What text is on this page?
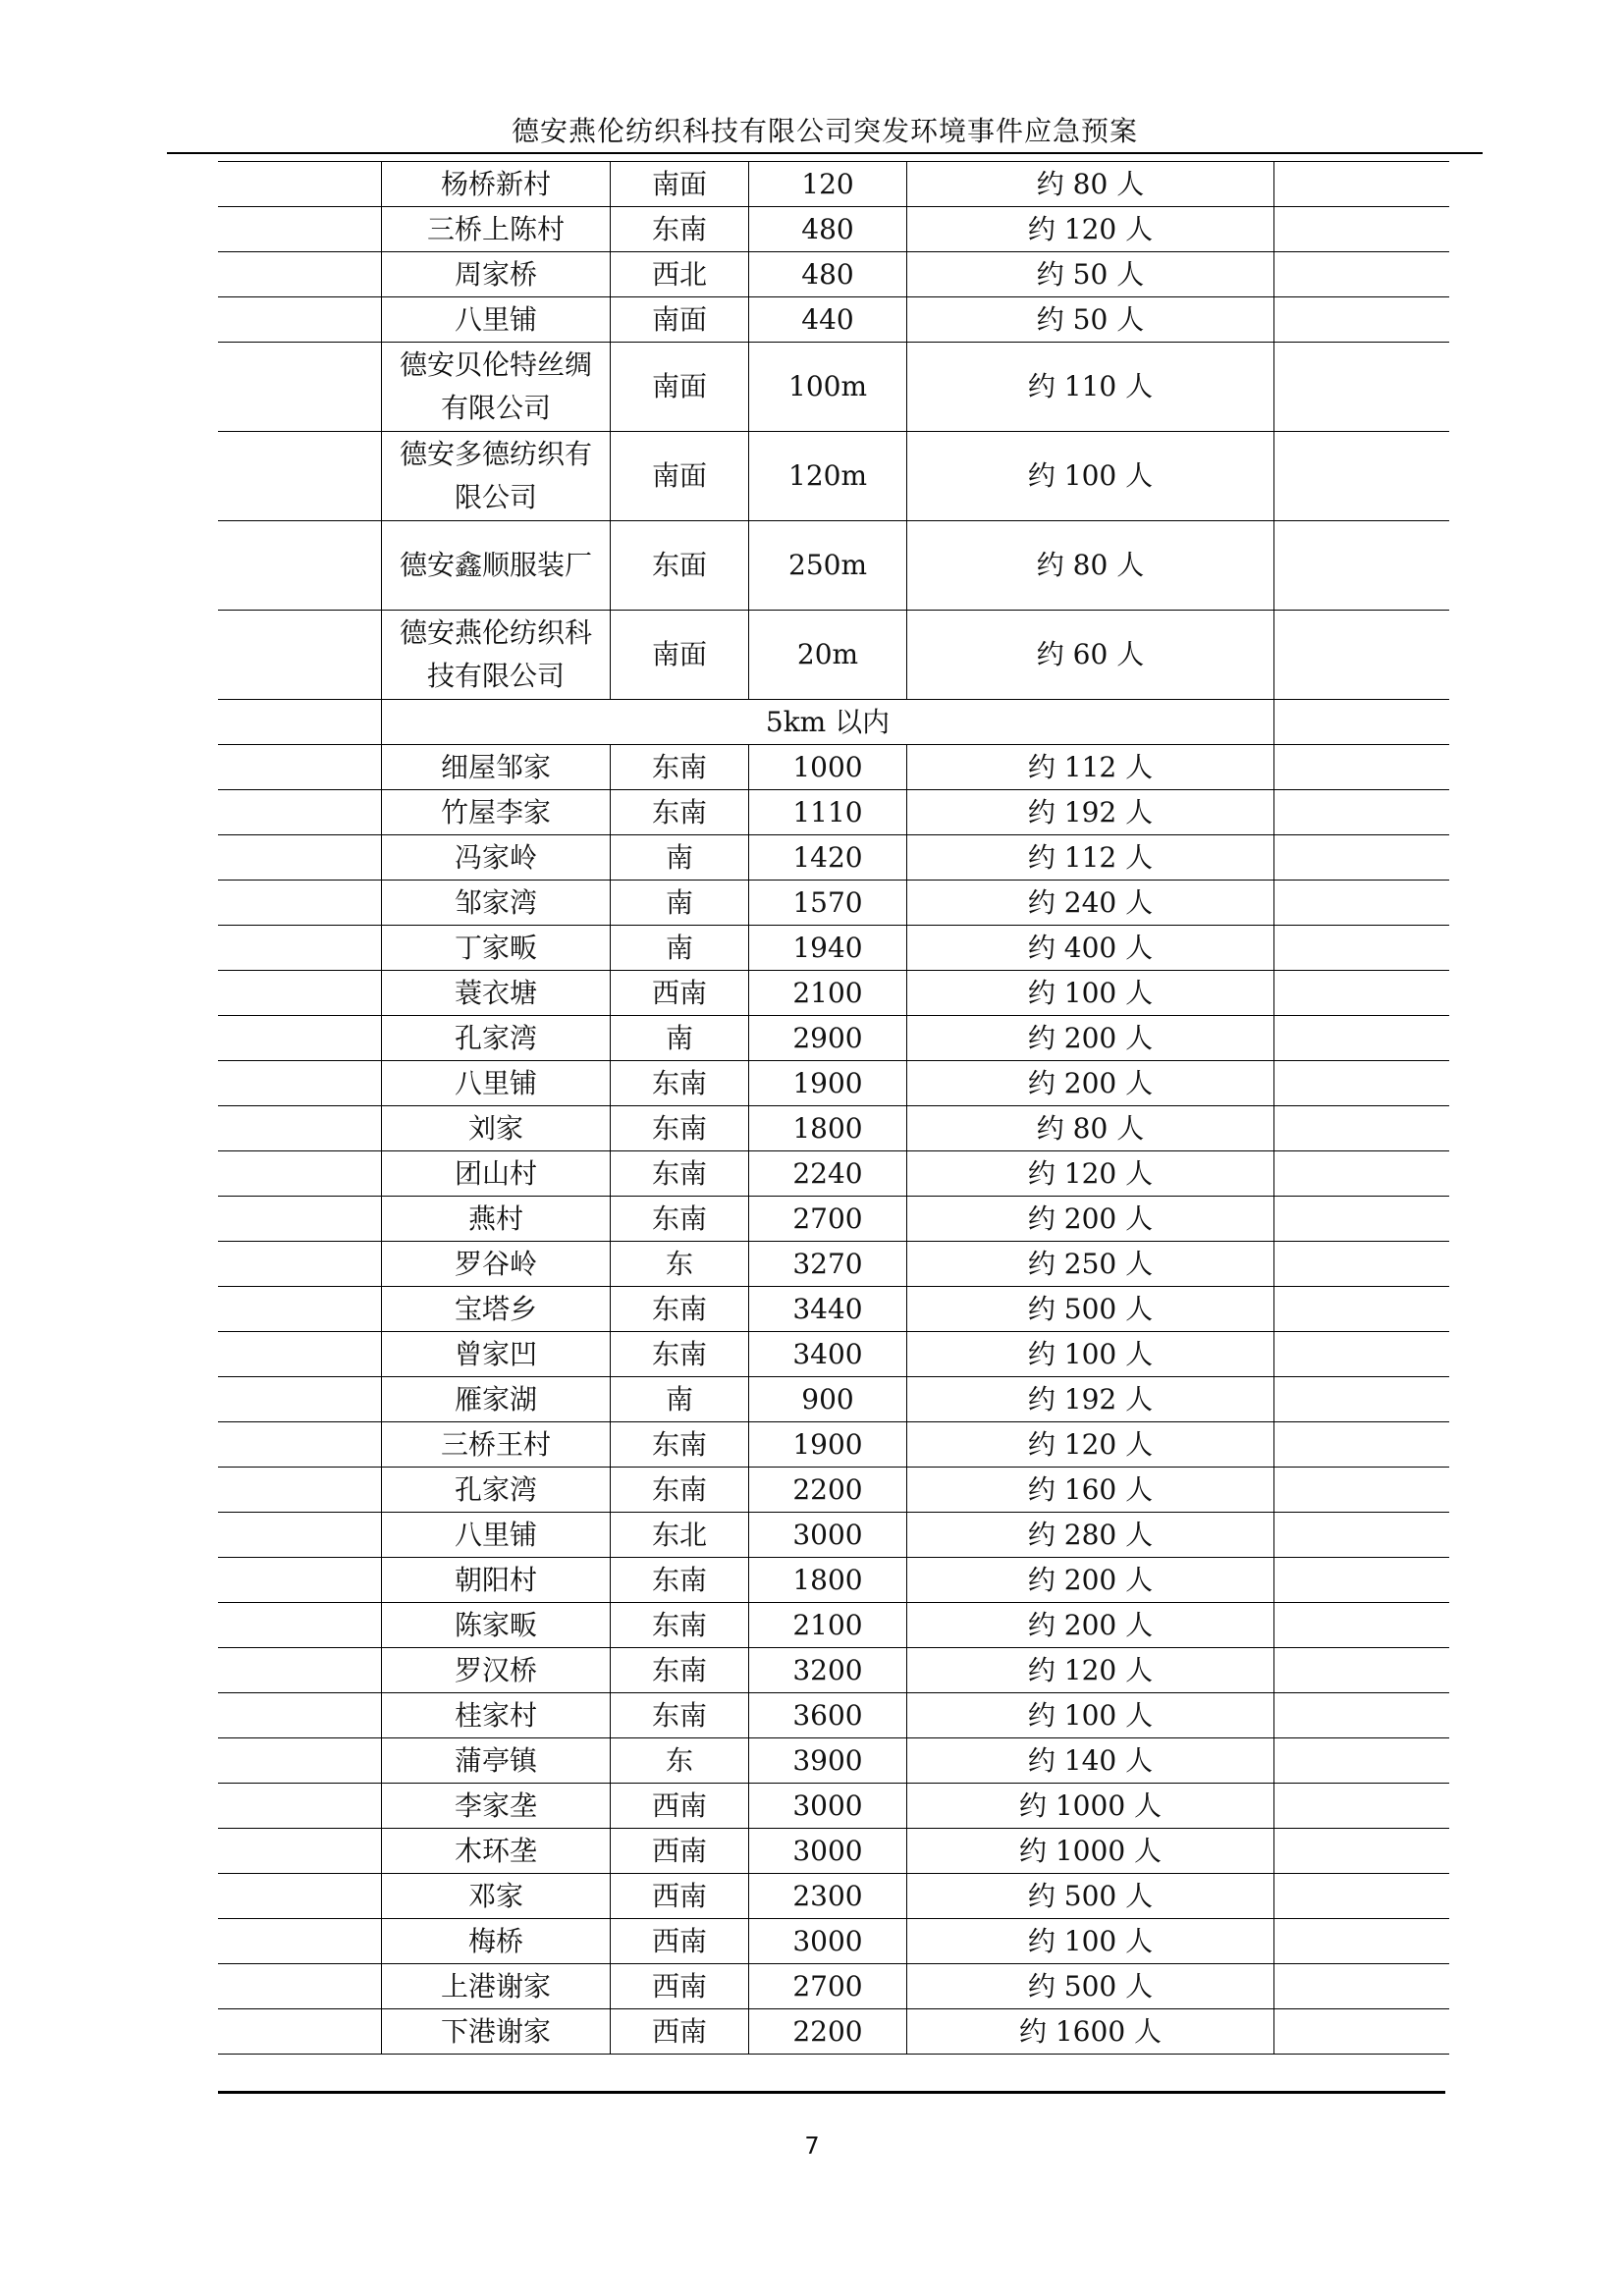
德安燕伦纺织科技有限公司突发环境事件应急预案
	杨桥新村	南面	120	约 80 人	
	三桥上陈村	东南	480	约 120 人	
	周家桥	西北	480	约 50 人	
	八里铺	南面	440	约 50 人	
	德安贝伦特丝绸有限公司	南面	100m	约 110 人	
	德安多德纺织有限公司	南面	120m	约 100 人	
	德安鑫顺服装厂	东面	250m	约 80 人	
	德安燕伦纺织科技有限公司	南面	20m	约 60 人	
	5km 以内				
	细屋邹家	东南	1000	约 112 人	
	竹屋李家	东南	1110	约 192 人	
	冯家岭	南	1420	约 112 人	
	邹家湾	南	1570	约 240 人	
	丁家畈	南	1940	约 400 人	
	蓑衣塘	西南	2100	约 100 人	
	孔家湾	南	2900	约 200 人	
	八里铺	东南	1900	约 200 人	
	刘家	东南	1800	约 80 人	
	团山村	东南	2240	约 120 人	
	燕村	东南	2700	约 200 人	
	罗谷岭	东	3270	约 250 人	
	宝塔乡	东南	3440	约 500 人	
	曾家凹	东南	3400	约 100 人	
	雁家湖	南	900	约 192 人	
	三桥王村	东南	1900	约 120 人	
	孔家湾	东南	2200	约 160 人	
	八里铺	东北	3000	约 280 人	
	朝阳村	东南	1800	约 200 人	
	陈家畈	东南	2100	约 200 人	
	罗汉桥	东南	3200	约 120 人	
	桂家村	东南	3600	约 100 人	
	蒲亭镇	东	3900	约 140 人	
	李家垄	西南	3000	约 1000 人	
	木环垄	西南	3000	约 1000 人	
	邓家	西南	2300	约 500 人	
	梅桥	西南	3000	约 100 人	
	上港谢家	西南	2700	约 500 人	
	下港谢家	西南	2200	约 1600 人	
7
